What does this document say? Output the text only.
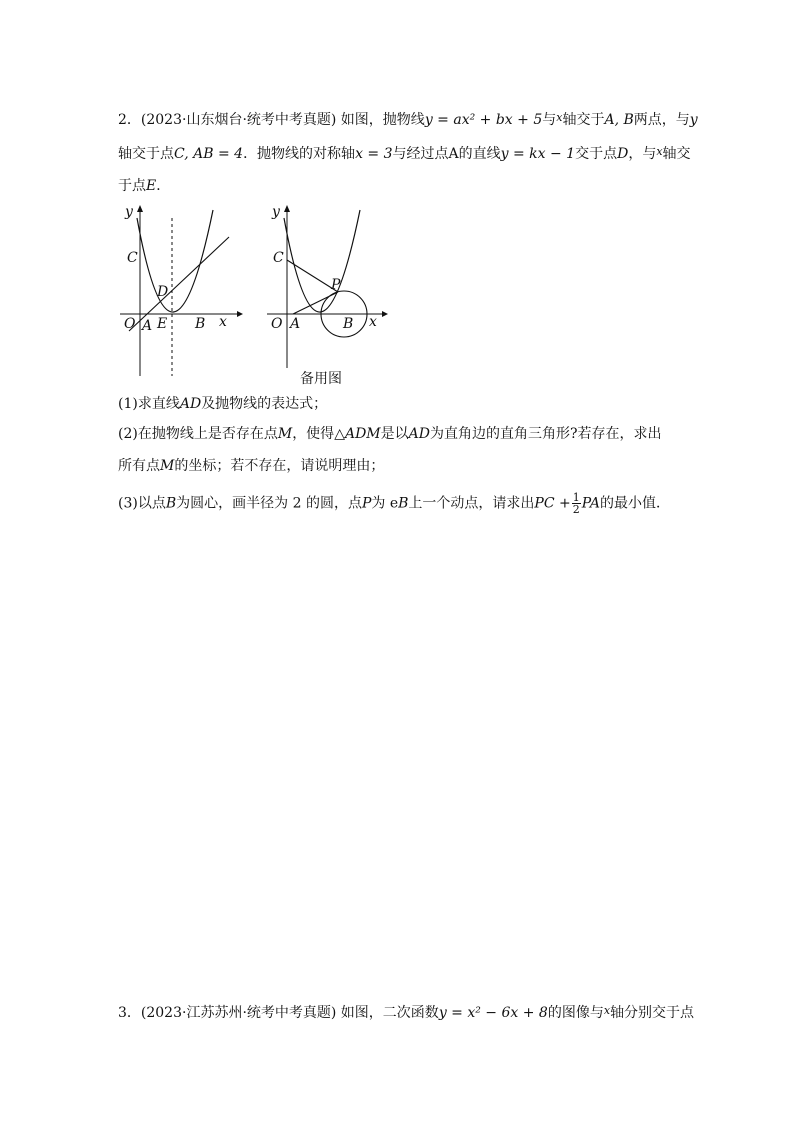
2．(2023·山东烟台·统考中考真题) 如图，抛物线y = ax² + bx + 5与$^x$轴交于A, B两点，与y
轴交于点C, AB = 4．抛物线的对称轴x = 3与经过点A的直线y = kx − 1交于点D，与$^x$轴交
于点E．
y
C
D
O A E B x
y
C
P
O A	B x
备用图
(1)求直线AD及抛物线的表达式；
(2)在抛物线上是否存在点M，使得△ADM是以AD为直角边的直角三角形?若存在，求出
所有点M的坐标；若不存在，请说明理由；
(3)以点B为圆心，画半径为 2 的圆，点P为 eB上一个动点，请求出PC + $\frac{1}{2}$ PA的最小值．
3．(2023·江苏苏州·统考中考真题) 如图，二次函数y = x² − 6x + 8的图像与$^x$轴分别交于点
